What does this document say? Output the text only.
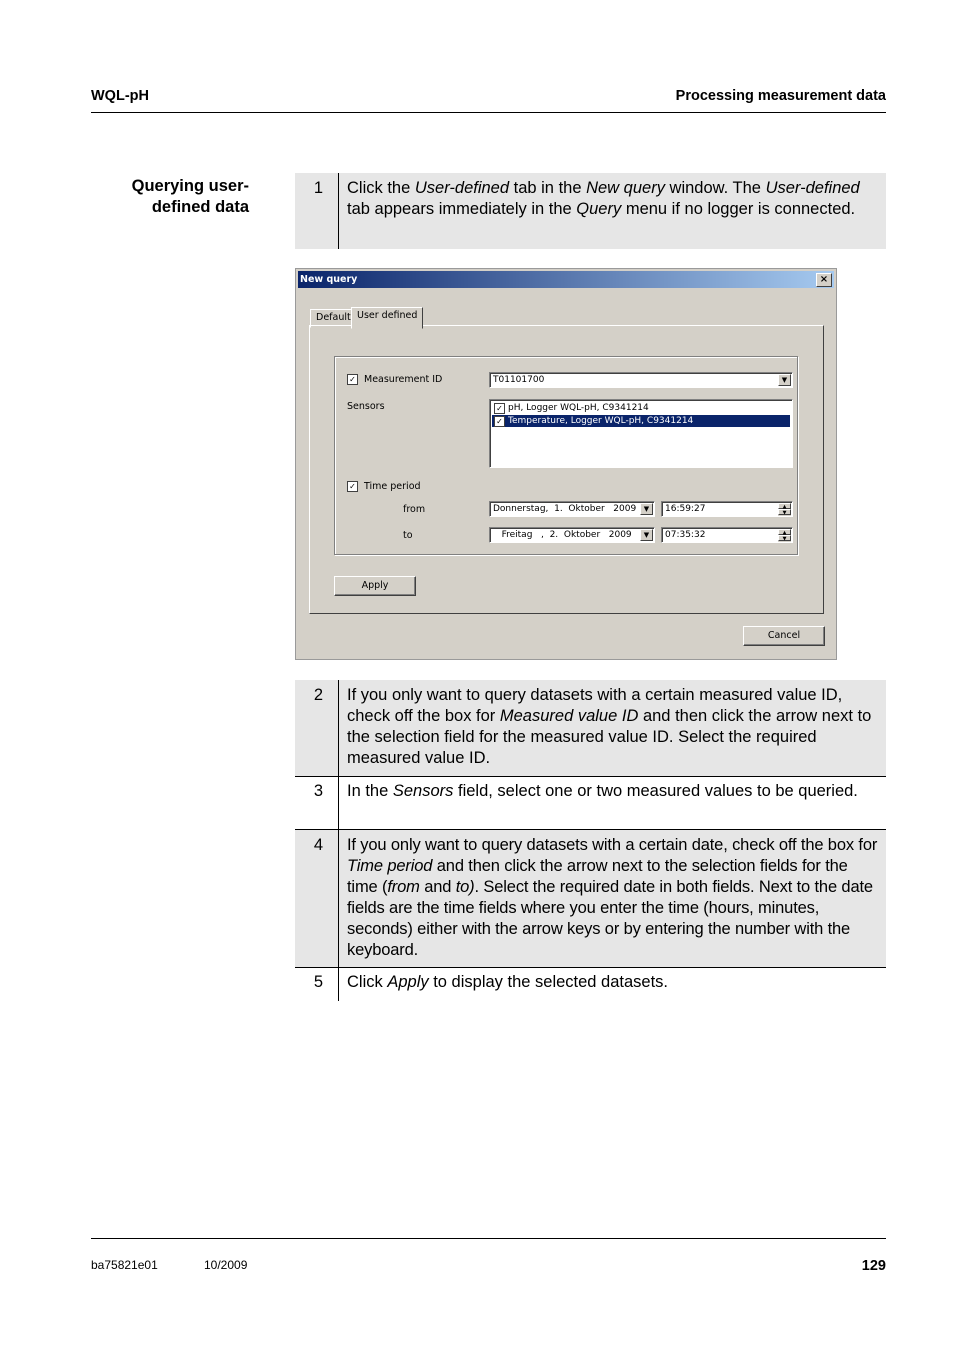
WQL-pH	Processing measurement data
Querying user-defined data
1	Click the User-defined tab in the New query window. The User-defined tab appears immediately in the Query menu if no logger is connected.
New query	×
Default User defined
✓ Measurement ID	T01101700	▼
Sensors	✓ pH, Logger WQL-pH, C9341214
✓ Temperature, Logger WQL-pH, C9341214
✓ Time period
from	Donnerstag,  1.  Oktober   2009	▼	16:59:27	▲
▼
to	Freitag   ,  2.  Oktober   2009	▼	07:35:32	▲
▼
Apply
Cancel
2	If you only want to query datasets with a certain measured value ID, check off the box for Measured value ID and then click the arrow next to the selection field for the measured value ID. Select the required measured value ID.
3	In the Sensors field, select one or two measured values to be queried.
4	If you only want to query datasets with a certain date, check off the box for Time period and then click the arrow next to the selection fields for the time (from and to). Select the required date in both fields. Next to the date fields are the time fields where you enter the time (hours, minutes, seconds) either with the arrow keys or by entering the number with the keyboard.
5	Click Apply to display the selected datasets.
ba75821e01	10/2009	129
